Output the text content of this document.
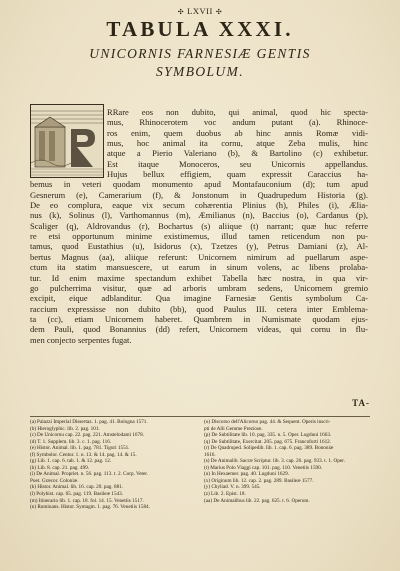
✣ LXVII ✣
TABULA XXXI.
UNICORNIS FARNESIÆ GENTIS
SYMBOLUM.
RRare eos non dubito, qui animal, quod hic specta-
mus, Rhinocerotem voc andum putant (a). Rhinoce-
ros enim, quem duobus ab hinc annis Romæ vidi-
mus, hoc animal ita cornu, atque Zeba mulis, hinc
atque a Pierio Valeriano (b), & Bartolino (c) exhibetur.
Est itaque Monoceros, seu Unicornis appellandus.
Hujus bellux effigiem, quam expressit Caraccius ha-
bemus in veteri quodam monumento apud Montafauconium (d); tum apud
Gesnerum (e), Camerarium (f), & Jonstonum in Quadrupedum Historia (g).
De eo complura, eaque vix secum cohærentia Plinius (h), Philes (i), Ælia-
nus (k), Solinus (l), Varthomannus (m), Æmilianus (n), Baccius (o), Cardanus (p),
Scaliger (q), Aldrovandus (r), Bochartus (s) aliique (t) narrant; quæ huc referre
re etsi opportunum minime existimemus, illud tamen reticendum non pu-
tamus, quod Eustathius (u), Isidorus (x), Tzetzes (y), Petrus Damiani (z), Al-
bertus Magnus (aa), aliique referunt: Unicornem nimirum ad puellarum aspe-
ctum ita statim mansuescere, ut earum in sinum volens, ac libens prolaba-
tur. Id enim maxime spectandum exhibet Tabella hæc nostra, in qua vir-
go pulcherrima visitur, quæ ad arboris umbram sedens, Unicornem gremio
excipit, eique adblanditur. Qua imagine Farnesiæ Gentis symbolum Ca-
raccium expressisse non dubito (bb), quod Paulus III. cetera inter Emblema-
ta (cc), etiam Unicornem haberet. Quambrem in Numismate quodam ejus-
dem Pauli, quod Bonannius (dd) refert, Unicornem videas, qui cornu in flu-
men conjecto serpentes fugat.
TA-
(a) Palazzi Imperial Dissertaz. 1. pag. 41. Bologna 1571.
(b) Hieroglyphic. lib. 2. pag. 101.
(c) De Unicornu cap. 22. pag. 221. Amstelodami 1678.
(d) T. 1. Supplem. lib. 3. c. 1. pag. 116.
(e) Histor. Animal. lib. 1. pag. 781. Tiguri 1551.
(f) Symbolor. Centur. 1. n. 13. & 14. pag. 14. & 15.
(g) Lib. 1. cap. 6. tab. 1. & 12. pag. 12.
(h) Lib. 8. cap. 21. pag. 499.
(i) De Animal. Propriet. n. 56. pag. 113. t. 2. Corp. Veter.
Poet. Græcor. Coloniæ.
(k) Histor. Animal. lib. 16. cap. 20. pag. 881.
(l) Polyhist. cap. 65. pag. 119. Basileæ 1543.
(m) Itinerario lib. 1. cap. 18. fol. 14. 15. Venetiis 1517.
(n) Ruminans. Histor. Syntagm. 1. pag. 76. Venetiis 1584.
(o) Discorso dell'Alicorno pag. 44. & Sequent. Operis inscri-
pti de Alli Gemme Preziose.
(p) De Subtilitate lib. 10. pag. 335. n. 5. Oper. Lugduni 1663.
(q) De Subtilitate, Exercitat. 205. pag. 675. Francofurti 1612.
(r) De Quadruped. Solipedib. lib. 1. cap. 6. pag. 389. Bononiæ
1616.
(s) De Animalib. Sacræ Scriptur. lib. 3. cap. 26. pag. 933. t. 1. Oper.
(t) Marius Polo Viaggi cap. 101. pag. 110. Venetiis 1590.
(u) In Hexaemer. pag. 40. Lugduni 1629.
(x) Originum lib. 12. cap. 2. pag. 289. Basileæ 1577.
(y) Chyliad. V. n. 399. 545.
(z) Lib. 2. Epist. 18.
(aa) De Animalibus lib. 22. pag. 625. t. 6. Operum.
